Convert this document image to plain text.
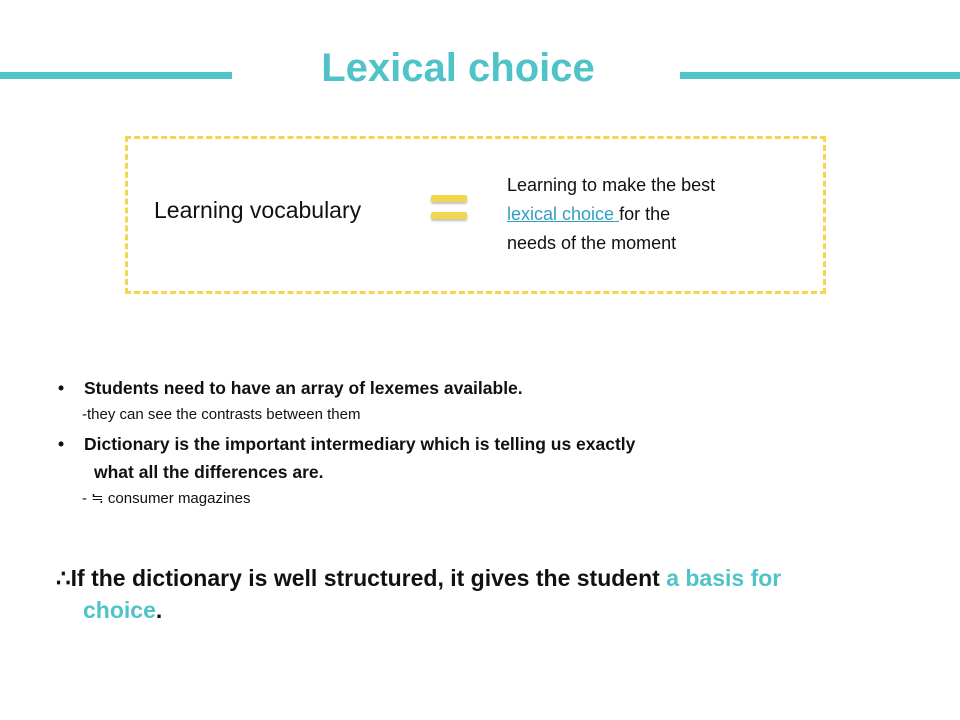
Lexical choice
Learning vocabulary
Learning to make the best
lexical choice for the
needs of the moment
• Students need to have an array of lexemes available.
-they can see the contrasts between them
• Dictionary is the important intermediary which is telling us exactly
what all the differences are.
- ≒ consumer magazines
∴If the dictionary is well structured, it gives the student a basis for
choice.
